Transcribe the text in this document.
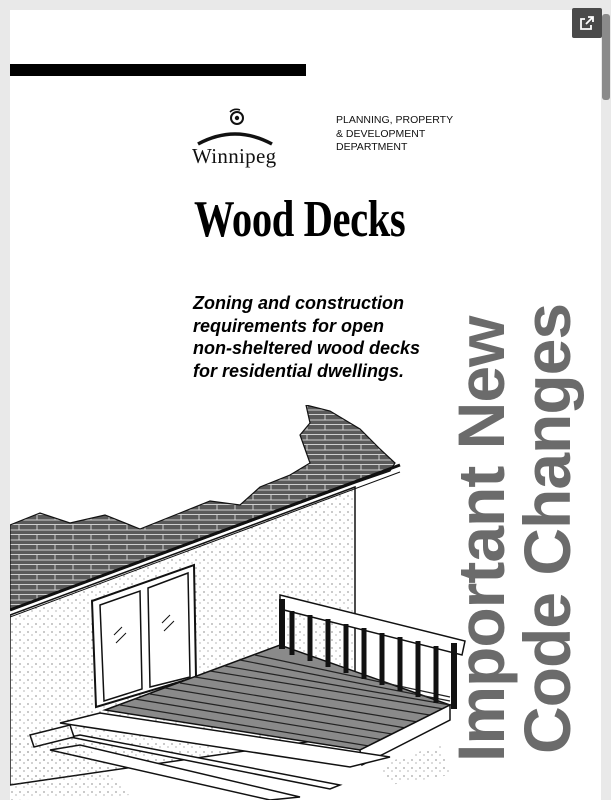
Winnipeg
PLANNING, PROPERTY
& DEVELOPMENT
DEPARTMENT
Wood Decks
Zoning and construction
requirements for open
non-sheltered wood decks
for residential dwellings. Important New
Code Changes
